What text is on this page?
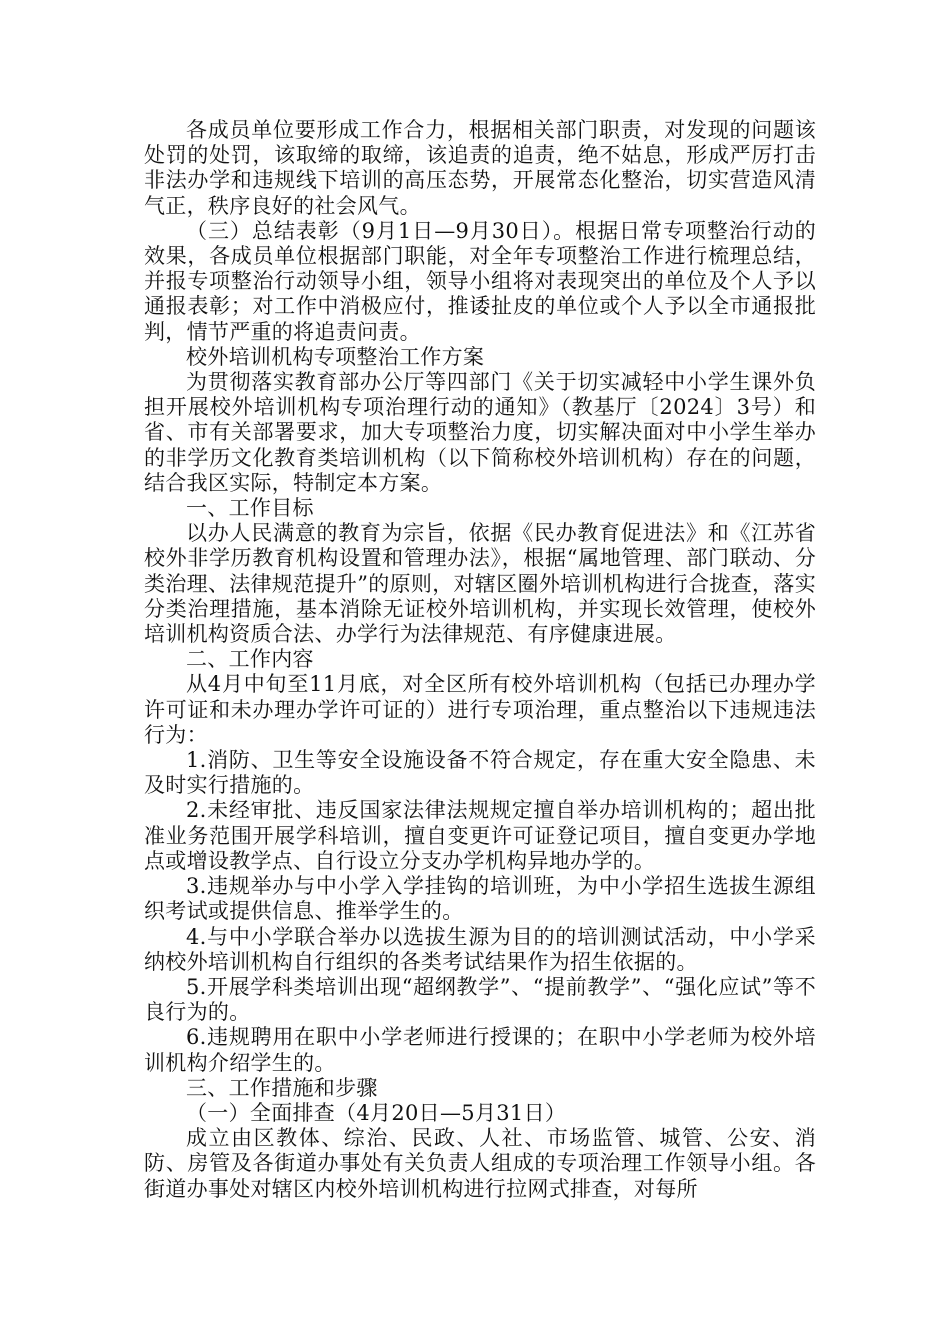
各成员单位要形成工作合力，根据相关部门职责，对发现的问题该处罚的处罚，该取缔的取缔，该追责的追责，绝不姑息，形成严厉打击非法办学和违规线下培训的高压态势，开展常态化整治，切实营造风清气正，秩序良好的社会风气。

（三）总结表彰（9月1日—9月30日）。根据日常专项整治行动的效果，各成员单位根据部门职能，对全年专项整治工作进行梳理总结，并报专项整治行动领导小组，领导小组将对表现突出的单位及个人予以通报表彰；对工作中消极应付，推诿扯皮的单位或个人予以全市通报批判，情节严重的将追责问责。

校外培训机构专项整治工作方案

为贯彻落实教育部办公厅等四部门《关于切实减轻中小学生课外负担开展校外培训机构专项治理行动的通知》（教基厅〔2024〕3号）和省、市有关部署要求，加大专项整治力度，切实解决面对中小学生举办的非学历文化教育类培训机构（以下简称校外培训机构）存在的问题，结合我区实际，特制定本方案。

一、工作目标

以办人民满意的教育为宗旨，依据《民办教育促进法》和《江苏省校外非学历教育机构设置和管理办法》，根据“属地管理、部门联动、分类治理、法律规范提升”的原则，对辖区圈外培训机构进行合拢查，落实分类治理措施，基本消除无证校外培训机构，并实现长效管理，使校外培训机构资质合法、办学行为法律规范、有序健康进展。

二、工作内容

从4月中旬至11月底，对全区所有校外培训机构（包括已办理办学许可证和未办理办学许可证的）进行专项治理，重点整治以下违规违法行为：

1.消防、卫生等安全设施设备不符合规定，存在重大安全隐患、未及时实行措施的。

2.未经审批、违反国家法律法规规定擅自举办培训机构的；超出批准业务范围开展学科培训，擅自变更许可证登记项目，擅自变更办学地点或增设教学点、自行设立分支办学机构异地办学的。

3.违规举办与中小学入学挂钩的培训班，为中小学招生选拔生源组织考试或提供信息、推举学生的。

4.与中小学联合举办以选拔生源为目的的培训测试活动，中小学采纳校外培训机构自行组织的各类考试结果作为招生依据的。

5.开展学科类培训出现“超纲教学”、“提前教学”、“强化应试”等不良行为的。

6.违规聘用在职中小学老师进行授课的；在职中小学老师为校外培训机构介绍学生的。

三、工作措施和步骤

（一）全面排查（4月20日—5月31日）

成立由区教体、综治、民政、人社、市场监管、城管、公安、消防、房管及各街道办事处有关负责人组成的专项治理工作领导小组。各街道办事处对辖区内校外培训机构进行拉网式排查，对每所
